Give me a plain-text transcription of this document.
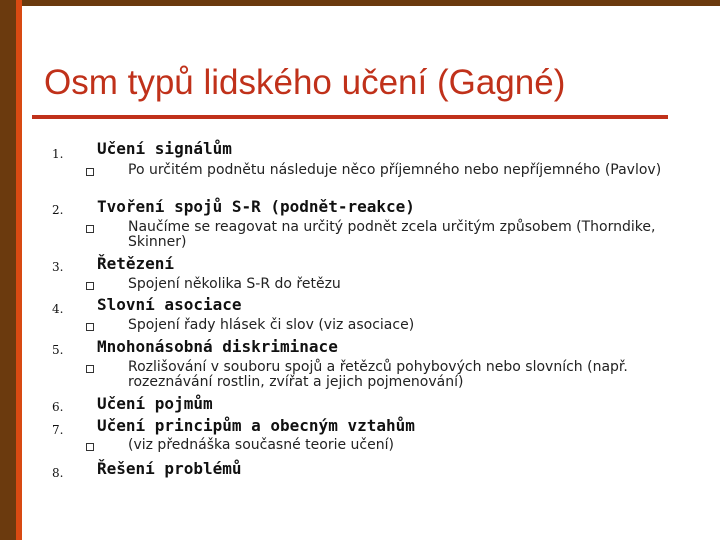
Osm typů lidského učení (Gagné)
1.	Učení signálům
Po určitém podnětu následuje něco příjemného nebo nepříjemného (Pavlov)
2.	Tvoření spojů S-R (podnět-reakce)
Naučíme se reagovat na určitý podnět zcela určitým způsobem (Thorndike, Skinner)
3.	Řetězení
Spojení několika S-R do řetězu
4.	Slovní asociace
Spojení řady hlásek či slov (viz asociace)
5.	Mnohonásobná diskriminace
Rozlišování v souboru spojů a řetězců pohybových nebo slovních (např. rozeznávání rostlin, zvířat a jejich pojmenování)
6.	Učení pojmům
7.	Učení principům a obecným vztahům
(viz přednáška současné teorie učení)
8.	Řešení problémů
